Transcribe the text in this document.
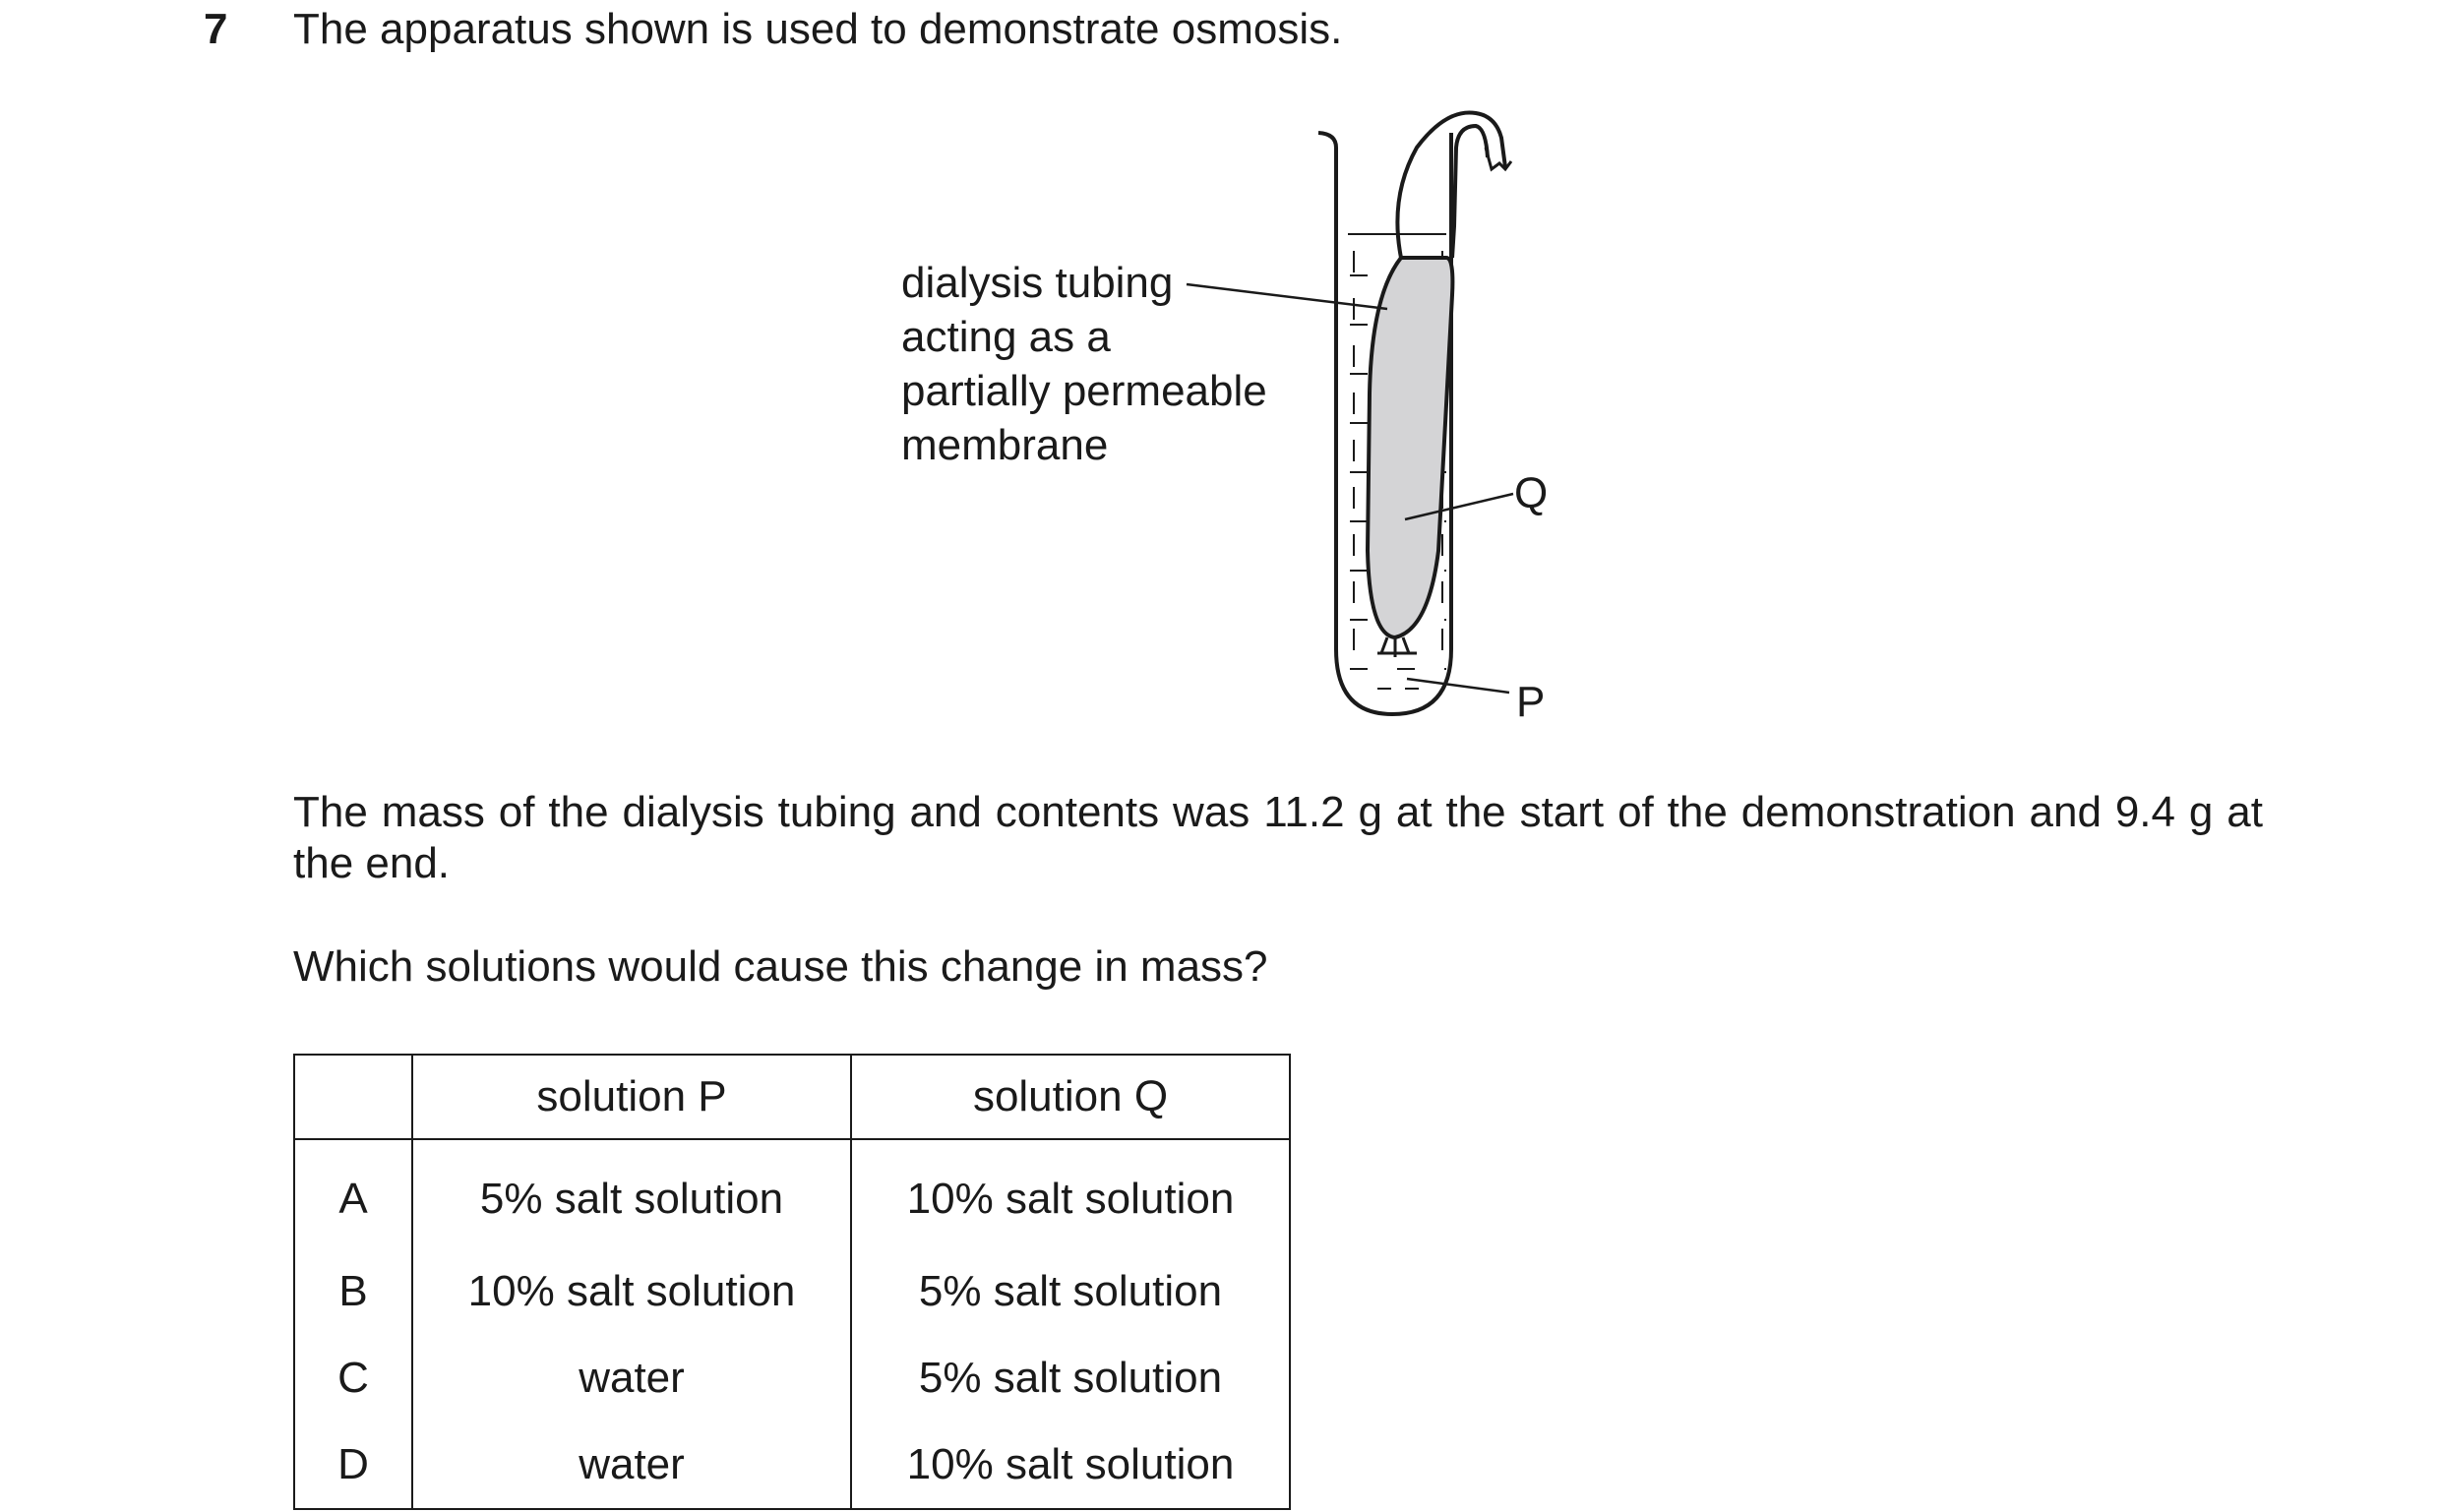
7 The apparatus shown is used to demonstrate osmosis.
dialysis tubing
acting as a
partially permeable
membrane
Q
P
The mass of the dialysis tubing and contents was 11.2 g at the start of the demonstration and 9.4 g at the end.
Which solutions would cause this change in mass?
	solution P	solution Q
A	5% salt solution	10% salt solution
B	10% salt solution	5% salt solution
C	water	5% salt solution
D	water	10% salt solution
